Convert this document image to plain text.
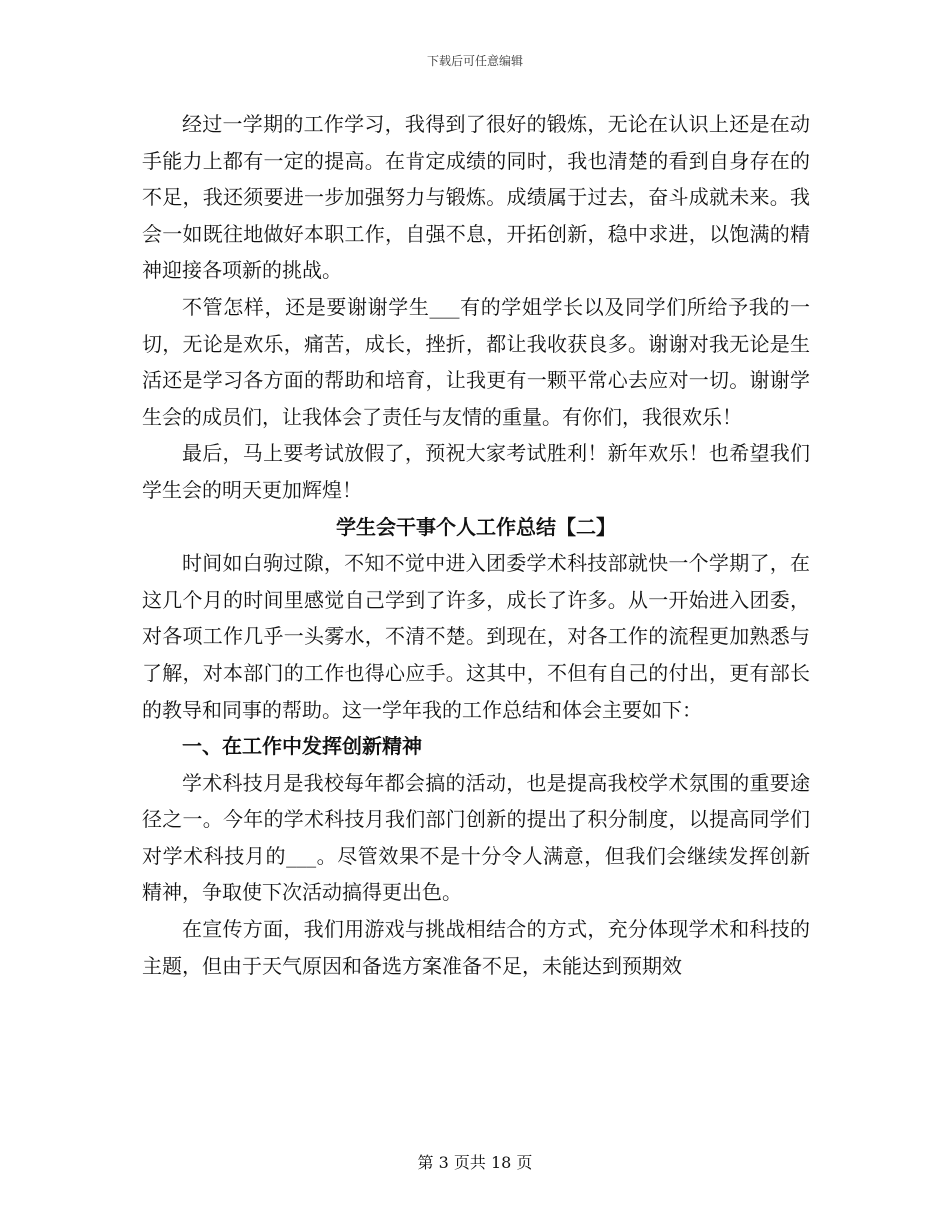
下载后可任意编辑

经过一学期的工作学习，我得到了很好的锻炼，无论在认识上还是在动手能力上都有一定的提高。在肯定成绩的同时，我也清楚的看到自身存在的不足，我还须要进一步加强努力与锻炼。成绩属于过去，奋斗成就未来。我会一如既往地做好本职工作，自强不息，开拓创新，稳中求进，以饱满的精神迎接各项新的挑战。

不管怎样，还是要谢谢学生___有的学姐学长以及同学们所给予我的一切，无论是欢乐，痛苦，成长，挫折，都让我收获良多。谢谢对我无论是生活还是学习各方面的帮助和培育，让我更有一颗平常心去应对一切。谢谢学生会的成员们，让我体会了责任与友情的重量。有你们，我很欢乐！

最后，马上要考试放假了，预祝大家考试胜利！新年欢乐！也希望我们学生会的明天更加辉煌！

学生会干事个人工作总结【二】

时间如白驹过隙，不知不觉中进入团委学术科技部就快一个学期了，在这几个月的时间里感觉自己学到了许多，成长了许多。从一开始进入团委，对各项工作几乎一头雾水，不清不楚。到现在，对各工作的流程更加熟悉与了解，对本部门的工作也得心应手。这其中，不但有自己的付出，更有部长的教导和同事的帮助。这一学年我的工作总结和体会主要如下：

一、在工作中发挥创新精神

学术科技月是我校每年都会搞的活动，也是提高我校学术氛围的重要途径之一。今年的学术科技月我们部门创新的提出了积分制度，以提高同学们对学术科技月的___。尽管效果不是十分令人满意，但我们会继续发挥创新精神，争取使下次活动搞得更出色。

在宣传方面，我们用游戏与挑战相结合的方式，充分体现学术和科技的主题，但由于天气原因和备选方案准备不足，未能达到预期效

第 3 页共 18 页
